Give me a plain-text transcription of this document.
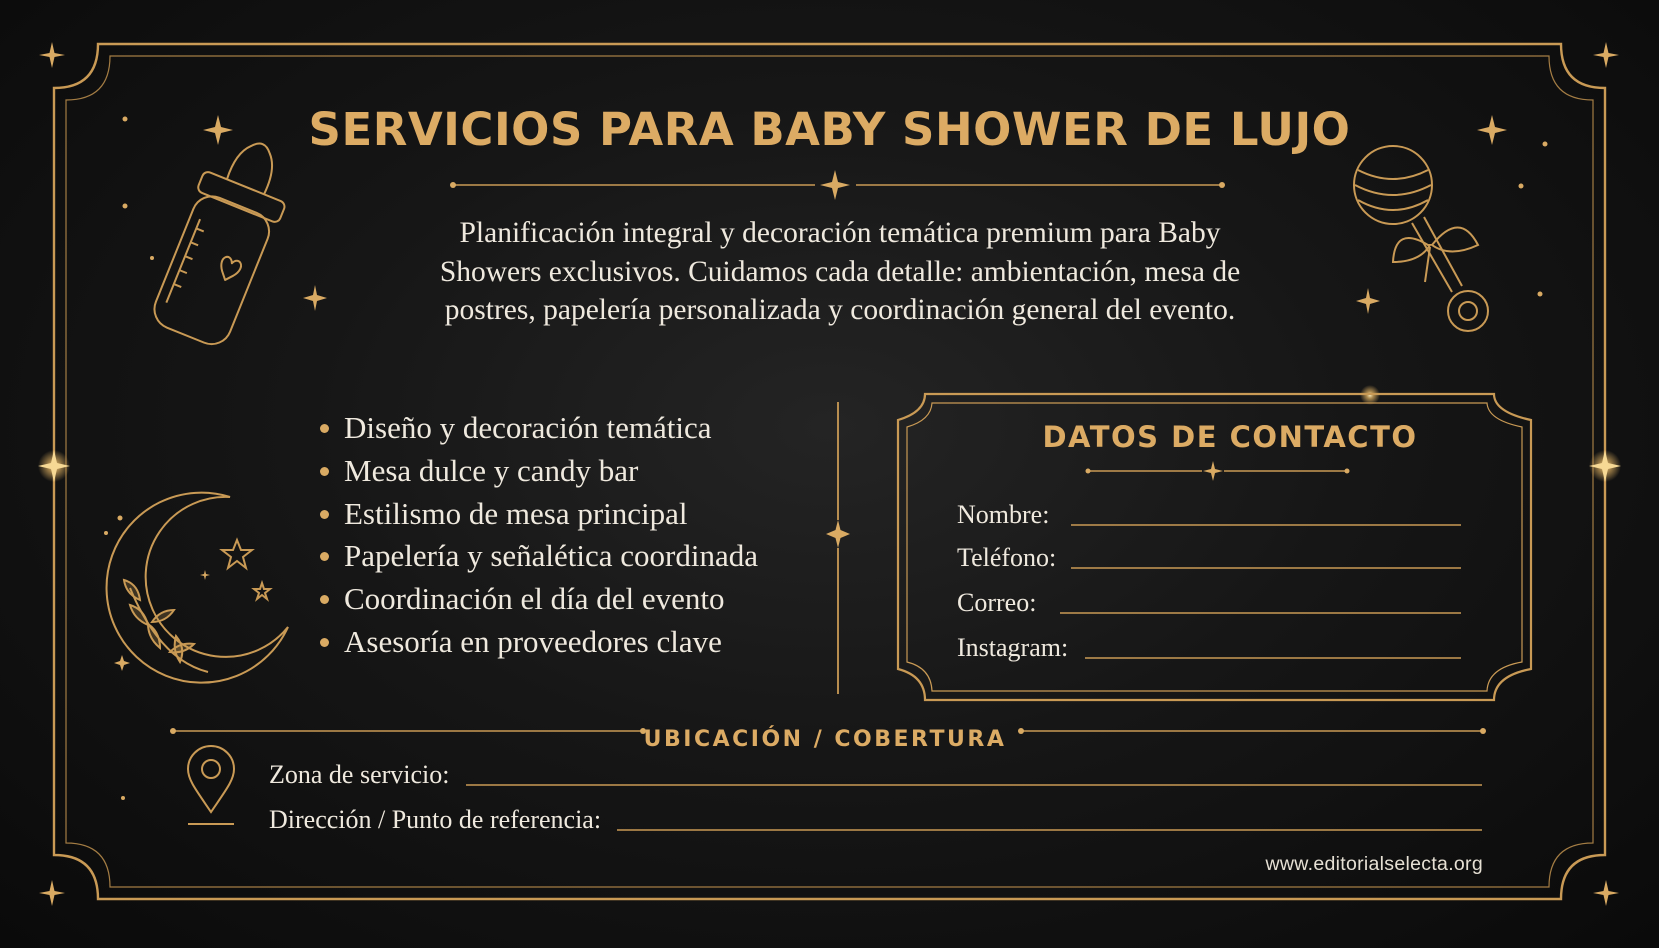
SERVICIOS PARA BABY SHOWER DE LUJO

Planificación integral y decoración temática premium para Baby Showers exclusivos. Cuidamos cada detalle: ambientación, mesa de postres, papelería personalizada y coordinación general del evento.

Diseño y decoración temática
Mesa dulce y candy bar
Estilismo de mesa principal
Papelería y señalética coordinada
Coordinación el día del evento
Asesoría en proveedores clave
DATOS DE CONTACTO
Nombre:
Teléfono:
Correo:
Instagram:
UBICACIÓN / COBERTURA
Zona de servicio:
Dirección / Punto de referencia:
www.editorialselecta.org
